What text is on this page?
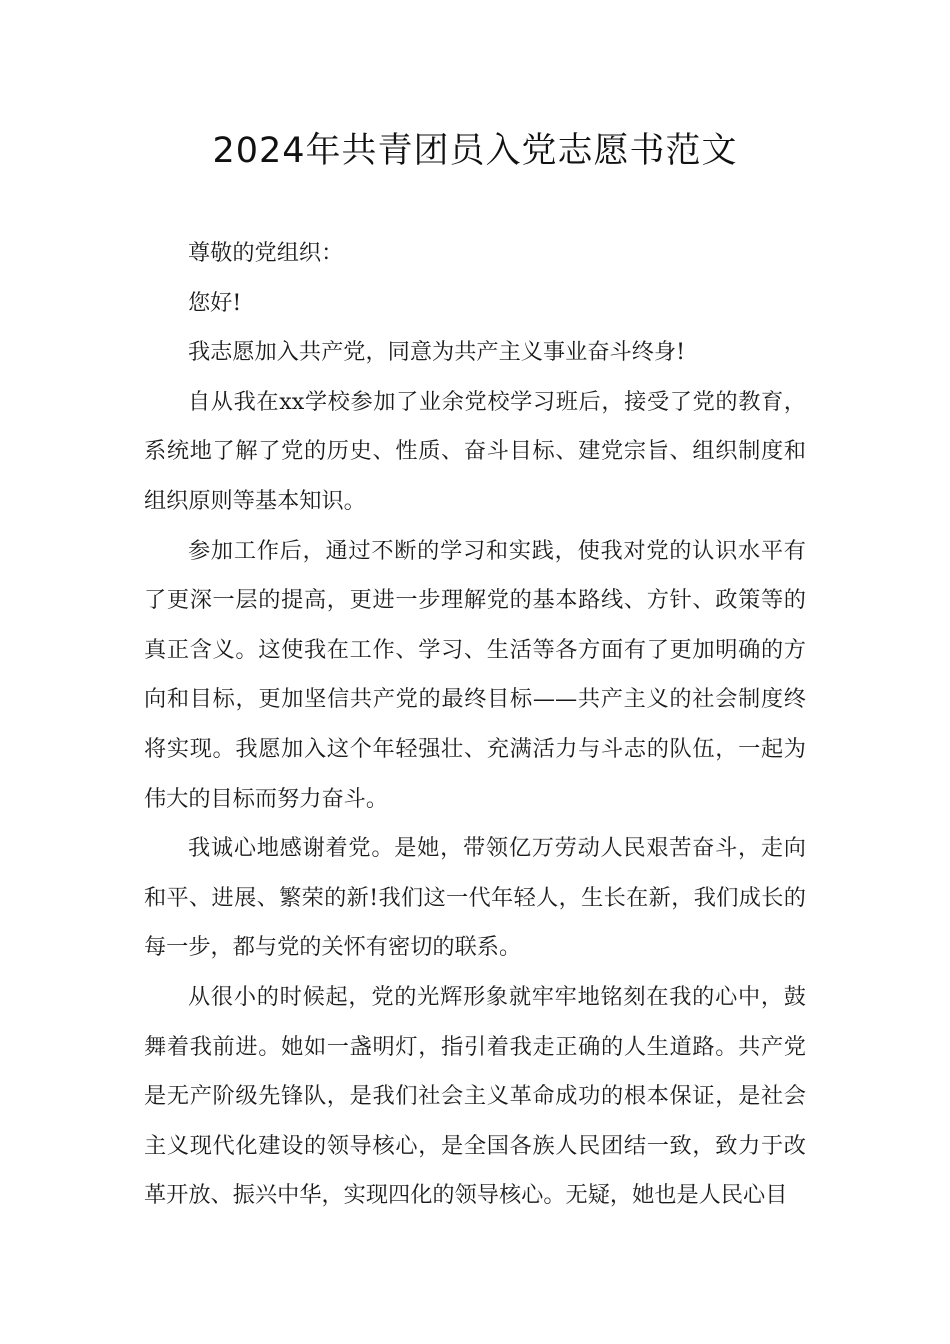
2024年共青团员入党志愿书范文

尊敬的党组织：

您好!

我志愿加入共产党，同意为共产主义事业奋斗终身!

自从我在xx学校参加了业余党校学习班后，接受了党的教育，系统地了解了党的历史、性质、奋斗目标、建党宗旨、组织制度和组织原则等基本知识。

参加工作后，通过不断的学习和实践，使我对党的认识水平有了更深一层的提高，更进一步理解党的基本路线、方针、政策等的真正含义。这使我在工作、学习、生活等各方面有了更加明确的方向和目标，更加坚信共产党的最终目标——共产主义的社会制度终将实现。我愿加入这个年轻强壮、充满活力与斗志的队伍，一起为伟大的目标而努力奋斗。

我诚心地感谢着党。是她，带领亿万劳动人民艰苦奋斗，走向和平、进展、繁荣的新!我们这一代年轻人，生长在新，我们成长的每一步，都与党的关怀有密切的联系。

从很小的时候起，党的光辉形象就牢牢地铭刻在我的心中，鼓舞着我前进。她如一盏明灯，指引着我走正确的人生道路。共产党是无产阶级先锋队，是我们社会主义革命成功的根本保证，是社会主义现代化建设的领导核心，是全国各族人民团结一致，致力于改革开放、振兴中华，实现四化的领导核心。无疑，她也是人民心目
